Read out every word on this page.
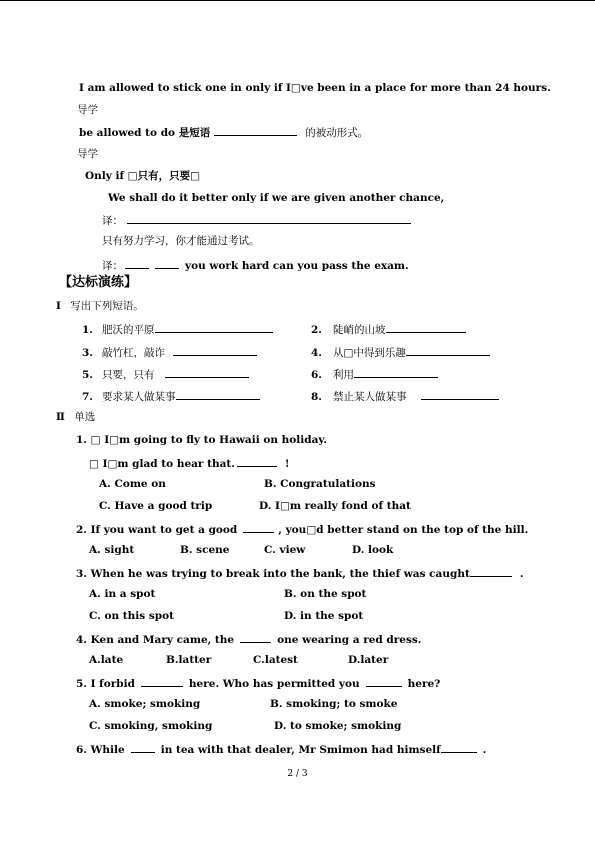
I am allowed to stick one in only if I□ve been in a place for more than 24 hours.
导学
be allowed to do 是短语	的被动形式。
导学
Only if □只有，只要□
We shall do it better only if we are given another chance,
译：
只有努力学习，你才能通过考试。
译：	you work hard can you pass the exam.
【达标演练】
I 写出下列短语。
1. 肥沃的平原	2. 陡峭的山坡
3. 敲竹杠，敲诈	4. 从□中得到乐趣
5. 只要，只有	6. 利用
7. 要求某人做某事	8. 禁止某人做某事
Ⅱ 单选
1. □ I□m going to fly to Hawaii on holiday.
□ I□m glad to hear that.	!
A. Come on	B. Congratulations
C. Have a good trip	D. I□m really fond of that
2. If you want to get a good	, you□d better stand on the top of the hill.
A. sight	B. scene	C. view	D. look
3. When he was trying to break into the bank, the thief was caught	.
A. in a spot	B. on the spot
C. on this spot	D. in the spot
4. Ken and Mary came, the	one wearing a red dress.
A.late	B.latter	C.latest	D.later
5. I forbid	here. Who has permitted you	here?
A. smoke; smoking	B. smoking; to smoke
C. smoking, smoking	D. to smoke; smoking
6. While	in tea with that dealer, Mr Smimon had himself	.
2 / 3
